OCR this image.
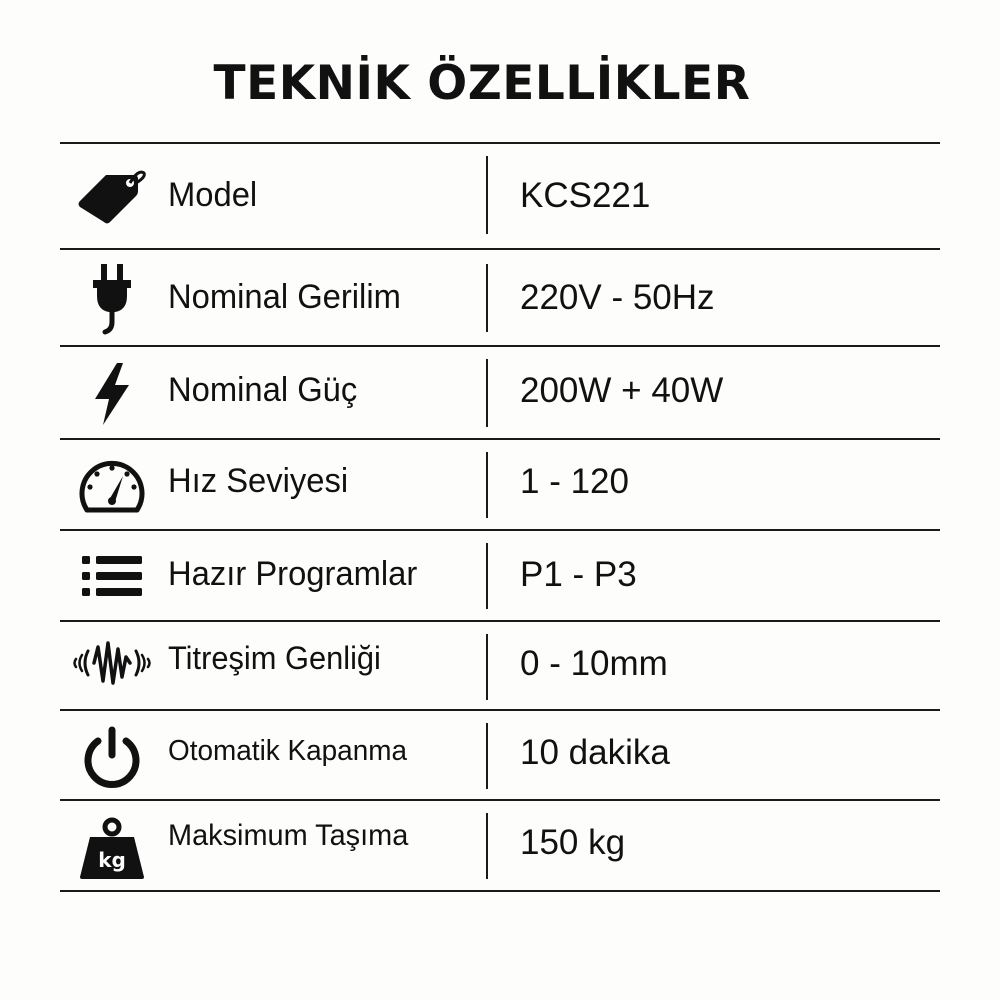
TEKNİK ÖZELLİKLER
Model	KCS221
Nominal Gerilim	220V - 50Hz
Nominal Güç	200W + 40W
Hız Seviyesi	1 - 120
Hazır Programlar	P1 - P3
Titreşim Genliği	0 - 10mm
Otomatik Kapanma	10 dakika
kg
Maksimum Taşıma	150 kg
